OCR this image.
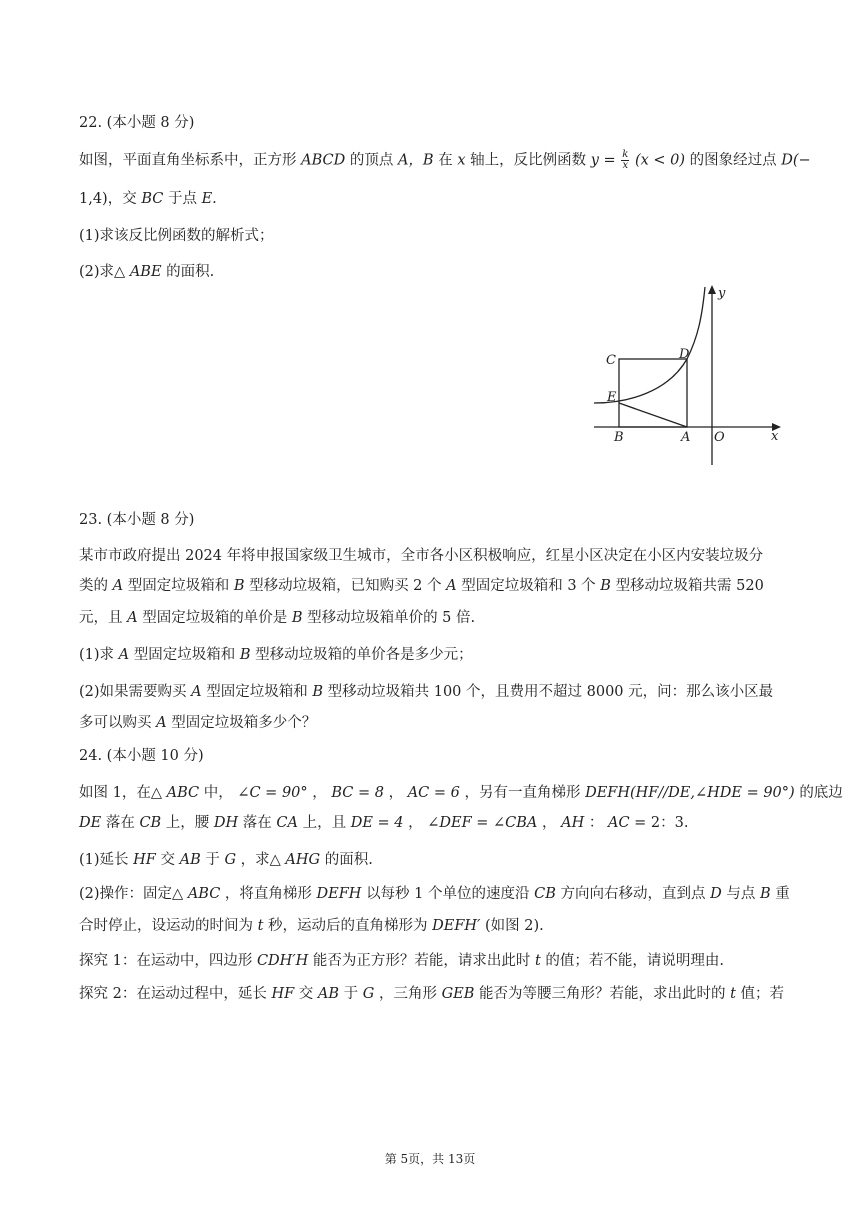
22. (本小题 8 分)
如图，平面直角坐标系中，正方形 ABCD 的顶点 A，B 在 x 轴上，反比例函数 $y = \frac{k}{x} (x < 0)$ 的图象经过点 D(−
1,4)，交 BC 于点 E.
(1)求该反比例函数的解析式；
(2)求△ ABE 的面积.
y
x
C	D
E
B	A O
23. (本小题 8 分)
某市市政府提出 2024 年将申报国家级卫生城市，全市各小区积极响应，红星小区决定在小区内安装垃圾分
类的 A 型固定垃圾箱和 B 型移动垃圾箱，已知购买 2 个 A 型固定垃圾箱和 3 个 B 型移动垃圾箱共需 520
元，且 A 型固定垃圾箱的单价是 B 型移动垃圾箱单价的 5 倍.
(1)求 A 型固定垃圾箱和 B 型移动垃圾箱的单价各是多少元；
(2)如果需要购买 A 型固定垃圾箱和 B 型移动垃圾箱共 100 个，且费用不超过 8000 元，问：那么该小区最
多可以购买 A 型固定垃圾箱多少个？
24. (本小题 10 分)
如图 1，在△ ABC 中， ∠C = 90° ， BC = 8 ， AC = 6 ，另有一直角梯形 DEFH(HF//DE,∠HDE = 90°) 的底边
DE 落在 CB 上，腰 DH 落在 CA 上，且 DE = 4 ， ∠DEF = ∠CBA ， AH ： AC = 2：3.
(1)延长 HF 交 AB 于 G ，求△ AHG 的面积.
(2)操作：固定△ ABC ，将直角梯形 DEFH 以每秒 1 个单位的速度沿 CB 方向向右移动，直到点 D 与点 B 重
合时停止，设运动的时间为 t 秒，运动后的直角梯形为 DEFH′ (如图 2).
探究 1：在运动中，四边形 CDH′H 能否为正方形？若能，请求出此时 t 的值；若不能，请说明理由.
探究 2：在运动过程中，延长 HF 交 AB 于 G ，三角形 GEB 能否为等腰三角形？若能，求出此时的 t 值；若
第 5页，共 13页
